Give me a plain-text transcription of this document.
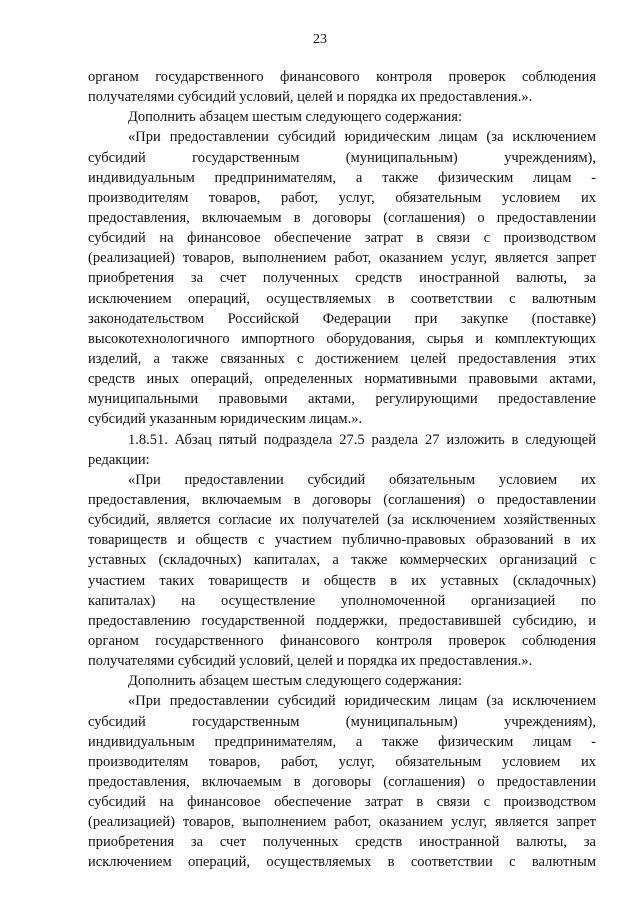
23
органом государственного финансового контроля проверок соблюдения
получателями субсидий условий, целей и порядка их предоставления.».
Дополнить абзацем шестым следующего содержания:
«При предоставлении субсидий юридическим лицам (за исключением
субсидий государственным (муниципальным) учреждениям),
индивидуальным предпринимателям, а также физическим лицам -
производителям товаров, работ, услуг, обязательным условием их
предоставления, включаемым в договоры (соглашения) о предоставлении
субсидий на финансовое обеспечение затрат в связи с производством
(реализацией) товаров, выполнением работ, оказанием услуг, является запрет
приобретения за счет полученных средств иностранной валюты, за
исключением операций, осуществляемых в соответствии с валютным
законодательством Российской Федерации при закупке (поставке)
высокотехнологичного импортного оборудования, сырья и комплектующих
изделий, а также связанных с достижением целей предоставления этих
средств иных операций, определенных нормативными правовыми актами,
муниципальными правовыми актами, регулирующими предоставление
субсидий указанным юридическим лицам.».
1.8.51. Абзац пятый подраздела 27.5 раздела 27 изложить в следующей
редакции:
«При предоставлении субсидий обязательным условием их
предоставления, включаемым в договоры (соглашения) о предоставлении
субсидий, является согласие их получателей (за исключением хозяйственных
товариществ и обществ с участием публично-правовых образований в их
уставных (складочных) капиталах, а также коммерческих организаций с
участием таких товариществ и обществ в их уставных (складочных)
капиталах) на осуществление уполномоченной организацией по
предоставлению государственной поддержки, предоставившей субсидию, и
органом государственного финансового контроля проверок соблюдения
получателями субсидий условий, целей и порядка их предоставления.».
Дополнить абзацем шестым следующего содержания:
«При предоставлении субсидий юридическим лицам (за исключением
субсидий государственным (муниципальным) учреждениям),
индивидуальным предпринимателям, а также физическим лицам -
производителям товаров, работ, услуг, обязательным условием их
предоставления, включаемым в договоры (соглашения) о предоставлении
субсидий на финансовое обеспечение затрат в связи с производством
(реализацией) товаров, выполнением работ, оказанием услуг, является запрет
приобретения за счет полученных средств иностранной валюты, за
исключением операций, осуществляемых в соответствии с валютным
